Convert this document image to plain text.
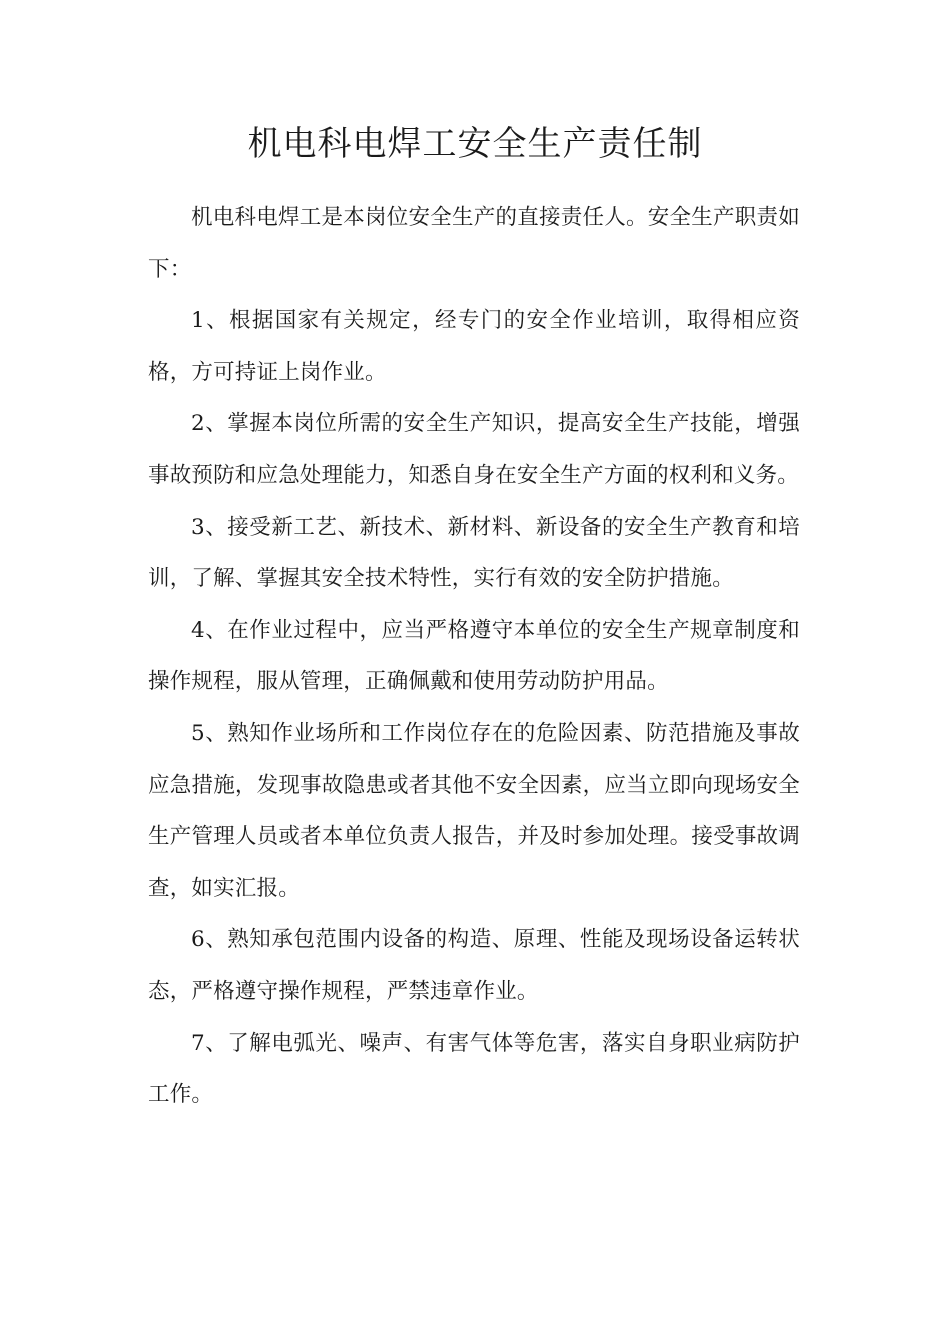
机电科电焊工安全生产责任制

机电科电焊工是本岗位安全生产的直接责任人。安全生产职责如下：

1、根据国家有关规定，经专门的安全作业培训，取得相应资格，方可持证上岗作业。

2、掌握本岗位所需的安全生产知识，提高安全生产技能，增强事故预防和应急处理能力，知悉自身在安全生产方面的权利和义务。

3、接受新工艺、新技术、新材料、新设备的安全生产教育和培训，了解、掌握其安全技术特性，实行有效的安全防护措施。

4、在作业过程中，应当严格遵守本单位的安全生产规章制度和操作规程，服从管理，正确佩戴和使用劳动防护用品。

5、熟知作业场所和工作岗位存在的危险因素、防范措施及事故应急措施，发现事故隐患或者其他不安全因素，应当立即向现场安全生产管理人员或者本单位负责人报告，并及时参加处理。接受事故调查，如实汇报。

6、熟知承包范围内设备的构造、原理、性能及现场设备运转状态，严格遵守操作规程，严禁违章作业。

7、了解电弧光、噪声、有害气体等危害，落实自身职业病防护工作。
